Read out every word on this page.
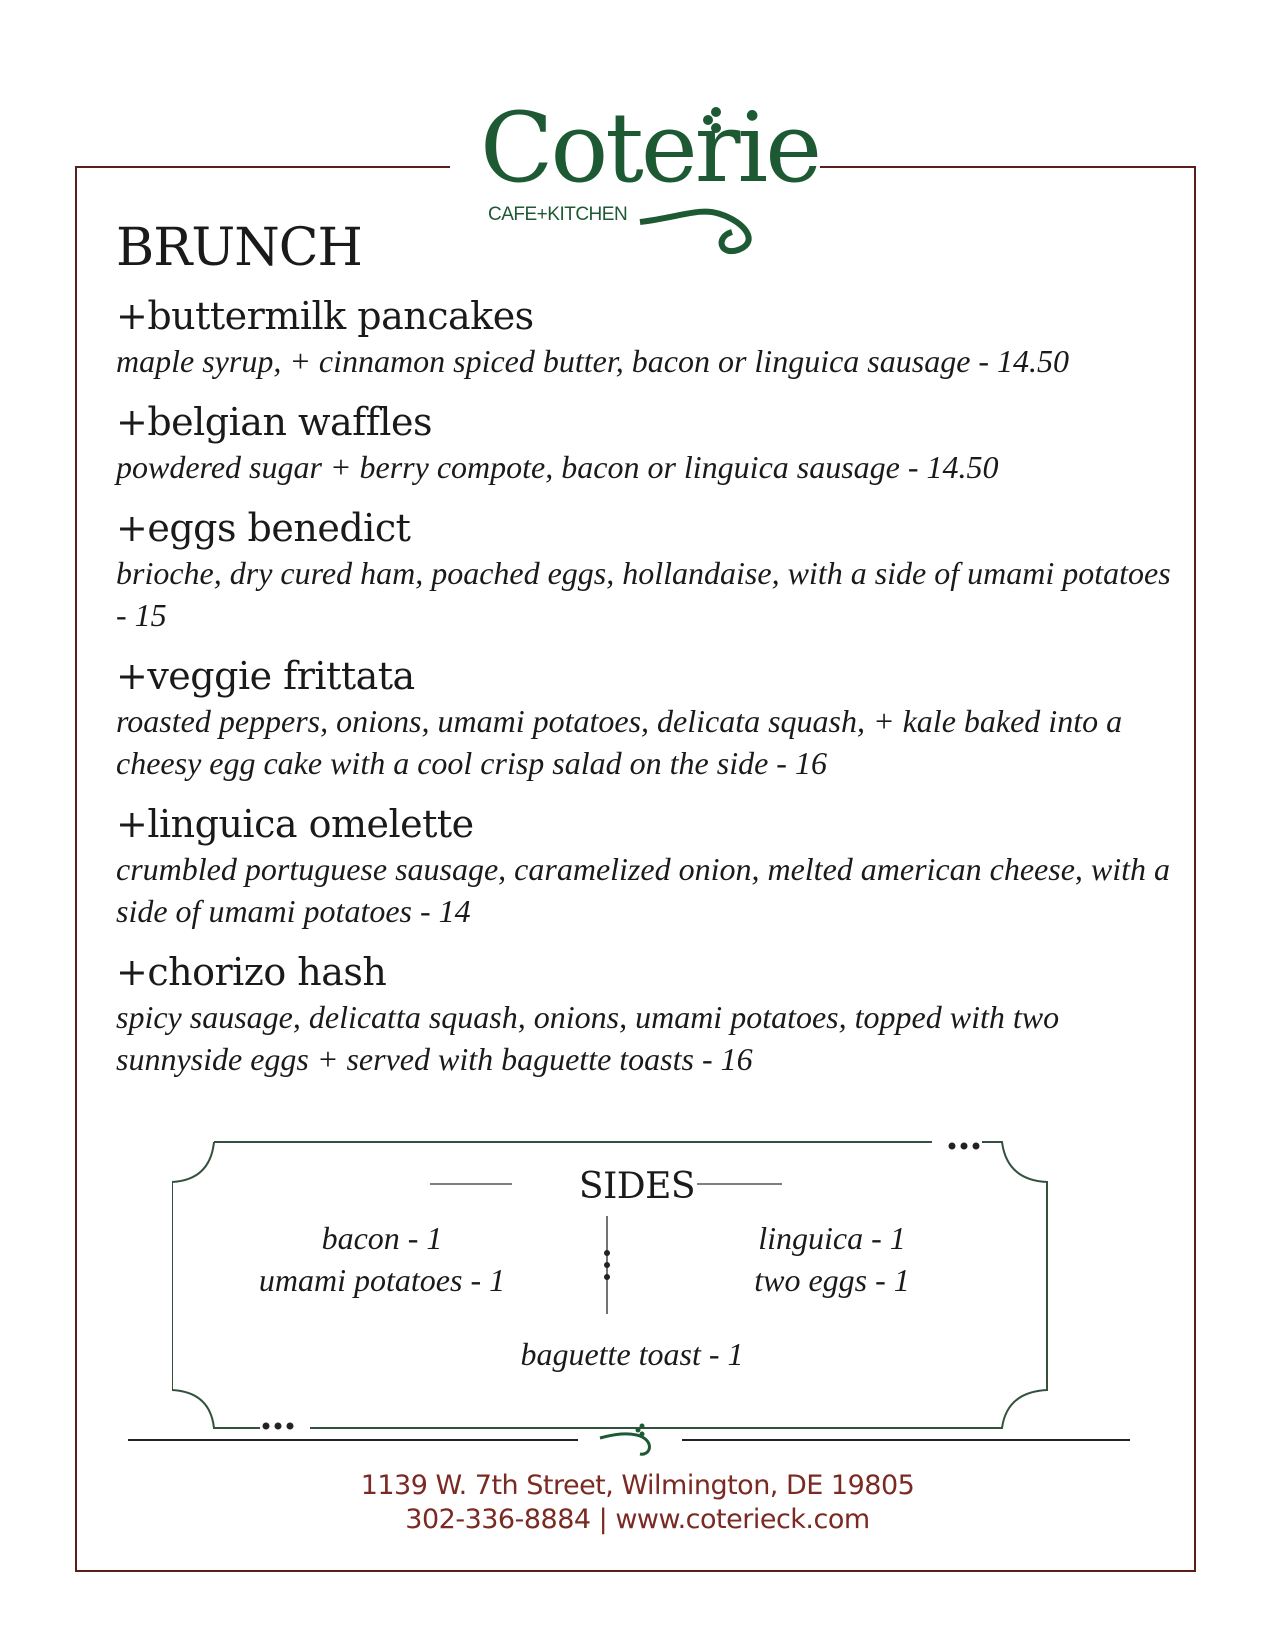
Coterie
CAFE+KITCHEN
BRUNCH
+buttermilk pancakes
maple syrup, + cinnamon spiced butter, bacon or linguica sausage - 14.50
+belgian waffles
powdered sugar + berry compote, bacon or linguica sausage - 14.50
+eggs benedict
brioche, dry cured ham, poached eggs, hollandaise, with a side of umami potatoes - 15
+veggie frittata
roasted peppers, onions, umami potatoes, delicata squash, + kale baked into a cheesy egg cake with a cool crisp salad on the side - 16
+linguica omelette
crumbled portuguese sausage, caramelized onion, melted american cheese, with a side of umami potatoes - 14
+chorizo hash
spicy sausage, delicatta squash, onions, umami potatoes, topped with two sunnyside eggs + served with baguette toasts - 16
SIDES
bacon - 1
umami potatoes - 1
linguica - 1
two eggs - 1
baguette toast - 1
1139 W. 7th Street, Wilmington, DE 19805
302-336-8884 | www.coterieck.com
